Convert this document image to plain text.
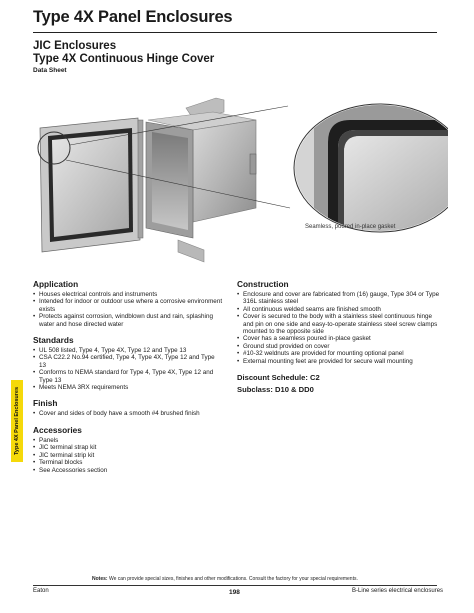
Type 4X Panel Enclosures
JIC Enclosures
Type 4X Continuous Hinge Cover
Data Sheet
Seamless, poured in-place gasket
Type 4X Panel Enclosures
Application
• Houses electrical controls and instruments
• Intended for indoor or outdoor use where a corrosive environment exists
• Protects against corrosion, windblown dust and rain, splashing water and hose directed water
Standards
• UL 508 listed, Type 4, Type 4X, Type 12 and Type 13
• CSA C22.2 No.94 certified, Type 4, Type 4X, Type 12 and Type 13
• Conforms to NEMA standard for Type 4, Type 4X, Type 12 and Type 13
• Meets NEMA 3RX requirements
Finish
• Cover and sides of body have a smooth #4 brushed finish
Accessories
• Panels
• JIC terminal strap kit
• JIC terminal strip kit
• Terminal blocks
• See Accessories section
Construction
• Enclosure and cover are fabricated from (16) gauge, Type 304 or Type 316L stainless steel
• All continuous welded seams are finished smooth
• Cover is secured to the body with a stainless steel continuous hinge and pin on one side and easy-to-operate stainless steel screw clamps mounted to the opposite side
• Cover has a seamless poured in-place gasket
• Ground stud provided on cover
• #10-32 weldnuts are provided for mounting optional panel
• External mounting feet are provided for secure wall mounting
Discount Schedule: C2
Subclass: D10 & DD0
Notes: We can provide special sizes, finishes and other modifications. Consult the factory for your special requirements.
Eaton	198	B-Line series electrical enclosures
